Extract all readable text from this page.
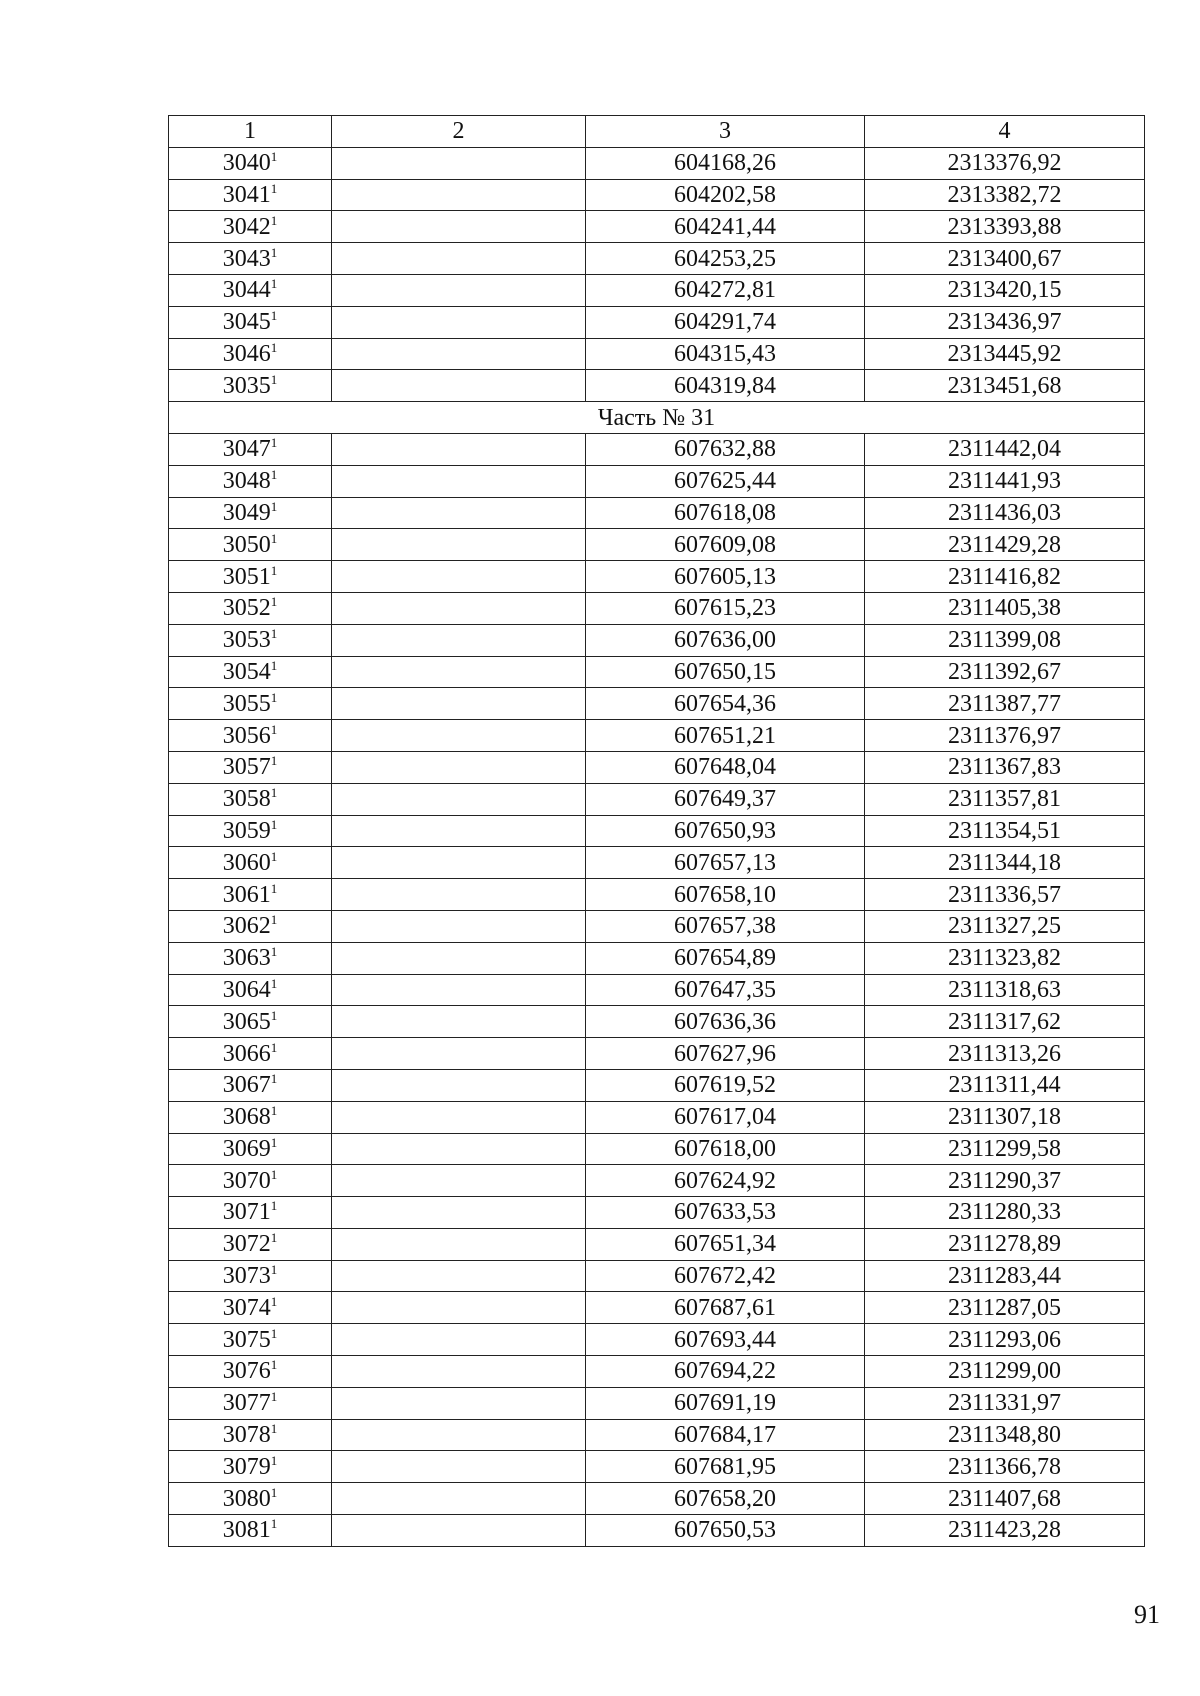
1	2	3	4
3040$^1$		604168,26	2313376,92
3041$^1$		604202,58	2313382,72
3042$^1$		604241,44	2313393,88
3043$^1$		604253,25	2313400,67
3044$^1$		604272,81	2313420,15
3045$^1$		604291,74	2313436,97
3046$^1$		604315,43	2313445,92
3035$^1$		604319,84	2313451,68
Часть № 31			
3047$^1$		607632,88	2311442,04
3048$^1$		607625,44	2311441,93
3049$^1$		607618,08	2311436,03
3050$^1$		607609,08	2311429,28
3051$^1$		607605,13	2311416,82
3052$^1$		607615,23	2311405,38
3053$^1$		607636,00	2311399,08
3054$^1$		607650,15	2311392,67
3055$^1$		607654,36	2311387,77
3056$^1$		607651,21	2311376,97
3057$^1$		607648,04	2311367,83
3058$^1$		607649,37	2311357,81
3059$^1$		607650,93	2311354,51
3060$^1$		607657,13	2311344,18
3061$^1$		607658,10	2311336,57
3062$^1$		607657,38	2311327,25
3063$^1$		607654,89	2311323,82
3064$^1$		607647,35	2311318,63
3065$^1$		607636,36	2311317,62
3066$^1$		607627,96	2311313,26
3067$^1$		607619,52	2311311,44
3068$^1$		607617,04	2311307,18
3069$^1$		607618,00	2311299,58
3070$^1$		607624,92	2311290,37
3071$^1$		607633,53	2311280,33
3072$^1$		607651,34	2311278,89
3073$^1$		607672,42	2311283,44
3074$^1$		607687,61	2311287,05
3075$^1$		607693,44	2311293,06
3076$^1$		607694,22	2311299,00
3077$^1$		607691,19	2311331,97
3078$^1$		607684,17	2311348,80
3079$^1$		607681,95	2311366,78
3080$^1$		607658,20	2311407,68
3081$^1$		607650,53	2311423,28
91
